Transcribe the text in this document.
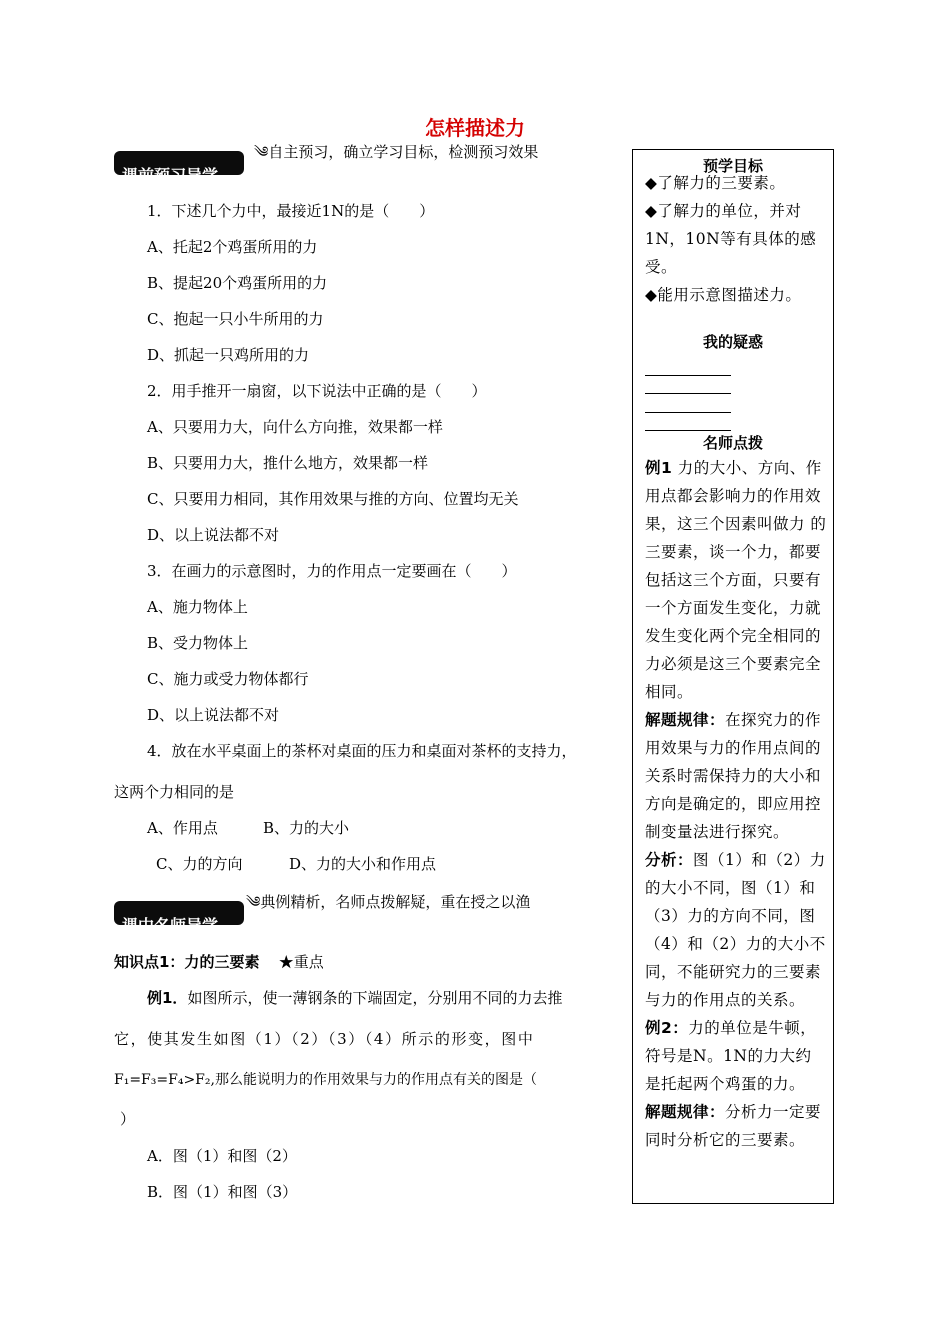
怎样描述力
༄自主预习，确立学习目标，检测预习效果
课前预习导学
1．下述几个力中，最接近1N的是（　　）
A、托起2个鸡蛋所用的力
B、提起20个鸡蛋所用的力
C、抱起一只小牛所用的力
D、抓起一只鸡所用的力
2．用手推开一扇窗，以下说法中正确的是（　　）
A、只要用力大，向什么方向推，效果都一样
B、只要用力大，推什么地方，效果都一样
C、只要用力相同，其作用效果与推的方向、位置均无关
D、以上说法都不对
3．在画力的示意图时，力的作用点一定要画在（　　）
A、施力物体上
B、受力物体上
C、施力或受力物体都行
D、以上说法都不对
4．放在水平桌面上的茶杯对桌面的压力和桌面对茶杯的支持力，
这两个力相同的是
A、作用点	B、力的大小
C、力的方向	D、力的大小和作用点
༄典例精析，名师点拨解疑，重在授之以渔
课中名师导学
知识点1：力的三要素 ★重点
例1．如图所示，使一薄钢条的下端固定，分别用不同的力去推
它，使其发生如图（1）（2）（3）（4）所示的形变，图中
F₁=F₃=F₄>F₂,那么能说明力的作用效果与力的作用点有关的图是（
）
A．图（1）和图（2）
B．图（1）和图（3）
预学目标
◆了解力的三要素。
◆了解力的单位，并对1N，10N等有具体的感受。
◆能用示意图描述力。
我的疑惑
名师点拨
例1 力的大小、方向、作用点都会影响力的作用效果，这三个因素叫做力 的三要素，谈一个力，都要包括这三个方面，只要有一个方面发生变化，力就发生变化两个完全相同的力必须是这三个要素完全相同。
解题规律：在探究力的作用效果与力的作用点间的关系时需保持力的大小和方向是确定的，即应用控制变量法进行探究。
分析：图（1）和（2）力的大小不同，图（1）和（3）力的方向不同，图（4）和（2）力的大小不同，不能研究力的三要素与力的作用点的关系。
例2：力的单位是牛顿，符号是N。1N的力大约是托起两个鸡蛋的力。
解题规律：分析力一定要同时分析它的三要素。
